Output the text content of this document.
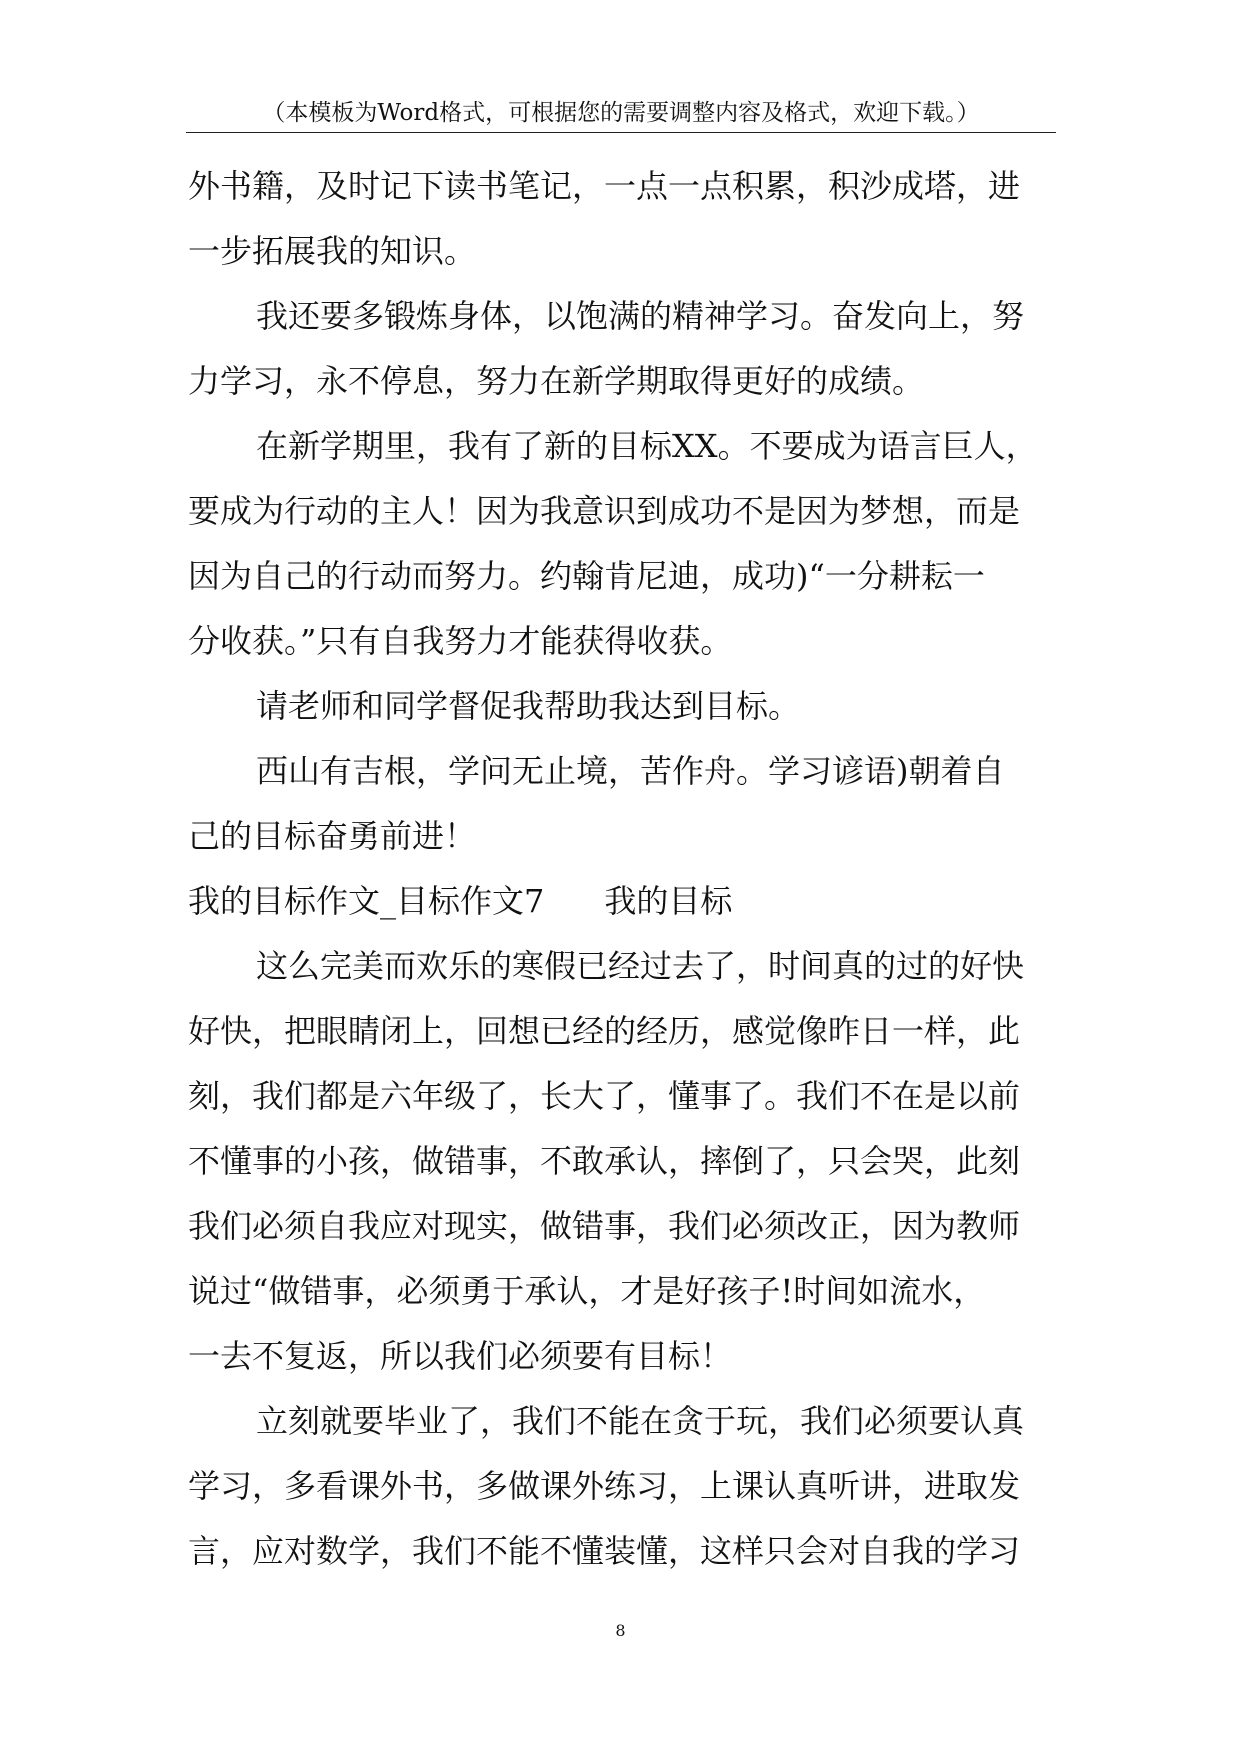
（本模板为Word格式，可根据您的需要调整内容及格式，欢迎下载。）
外书籍，及时记下读书笔记，一点一点积累，积沙成塔，进
一步拓展我的知识。
我还要多锻炼身体，以饱满的精神学习。奋发向上，努
力学习，永不停息，努力在新学期取得更好的成绩。
在新学期里，我有了新的目标XX。不要成为语言巨人，
要成为行动的主人！因为我意识到成功不是因为梦想，而是
因为自己的行动而努力。约翰肯尼迪，成功)“一分耕耘一
分收获。”只有自我努力才能获得收获。
请老师和同学督促我帮助我达到目标。
西山有吉根，学问无止境，苦作舟。学习谚语)朝着自
己的目标奋勇前进！
我的目标作文_目标作文7 我的目标
这么完美而欢乐的寒假已经过去了，时间真的过的好快
好快，把眼睛闭上，回想已经的经历，感觉像昨日一样，此
刻，我们都是六年级了，长大了，懂事了。我们不在是以前
不懂事的小孩，做错事，不敢承认，摔倒了，只会哭，此刻
我们必须自我应对现实，做错事，我们必须改正，因为教师
说过“做错事，必须勇于承认，才是好孩子!时间如流水，
一去不复返，所以我们必须要有目标！
立刻就要毕业了，我们不能在贪于玩，我们必须要认真
学习，多看课外书，多做课外练习，上课认真听讲，进取发
言，应对数学，我们不能不懂装懂，这样只会对自我的学习
8
